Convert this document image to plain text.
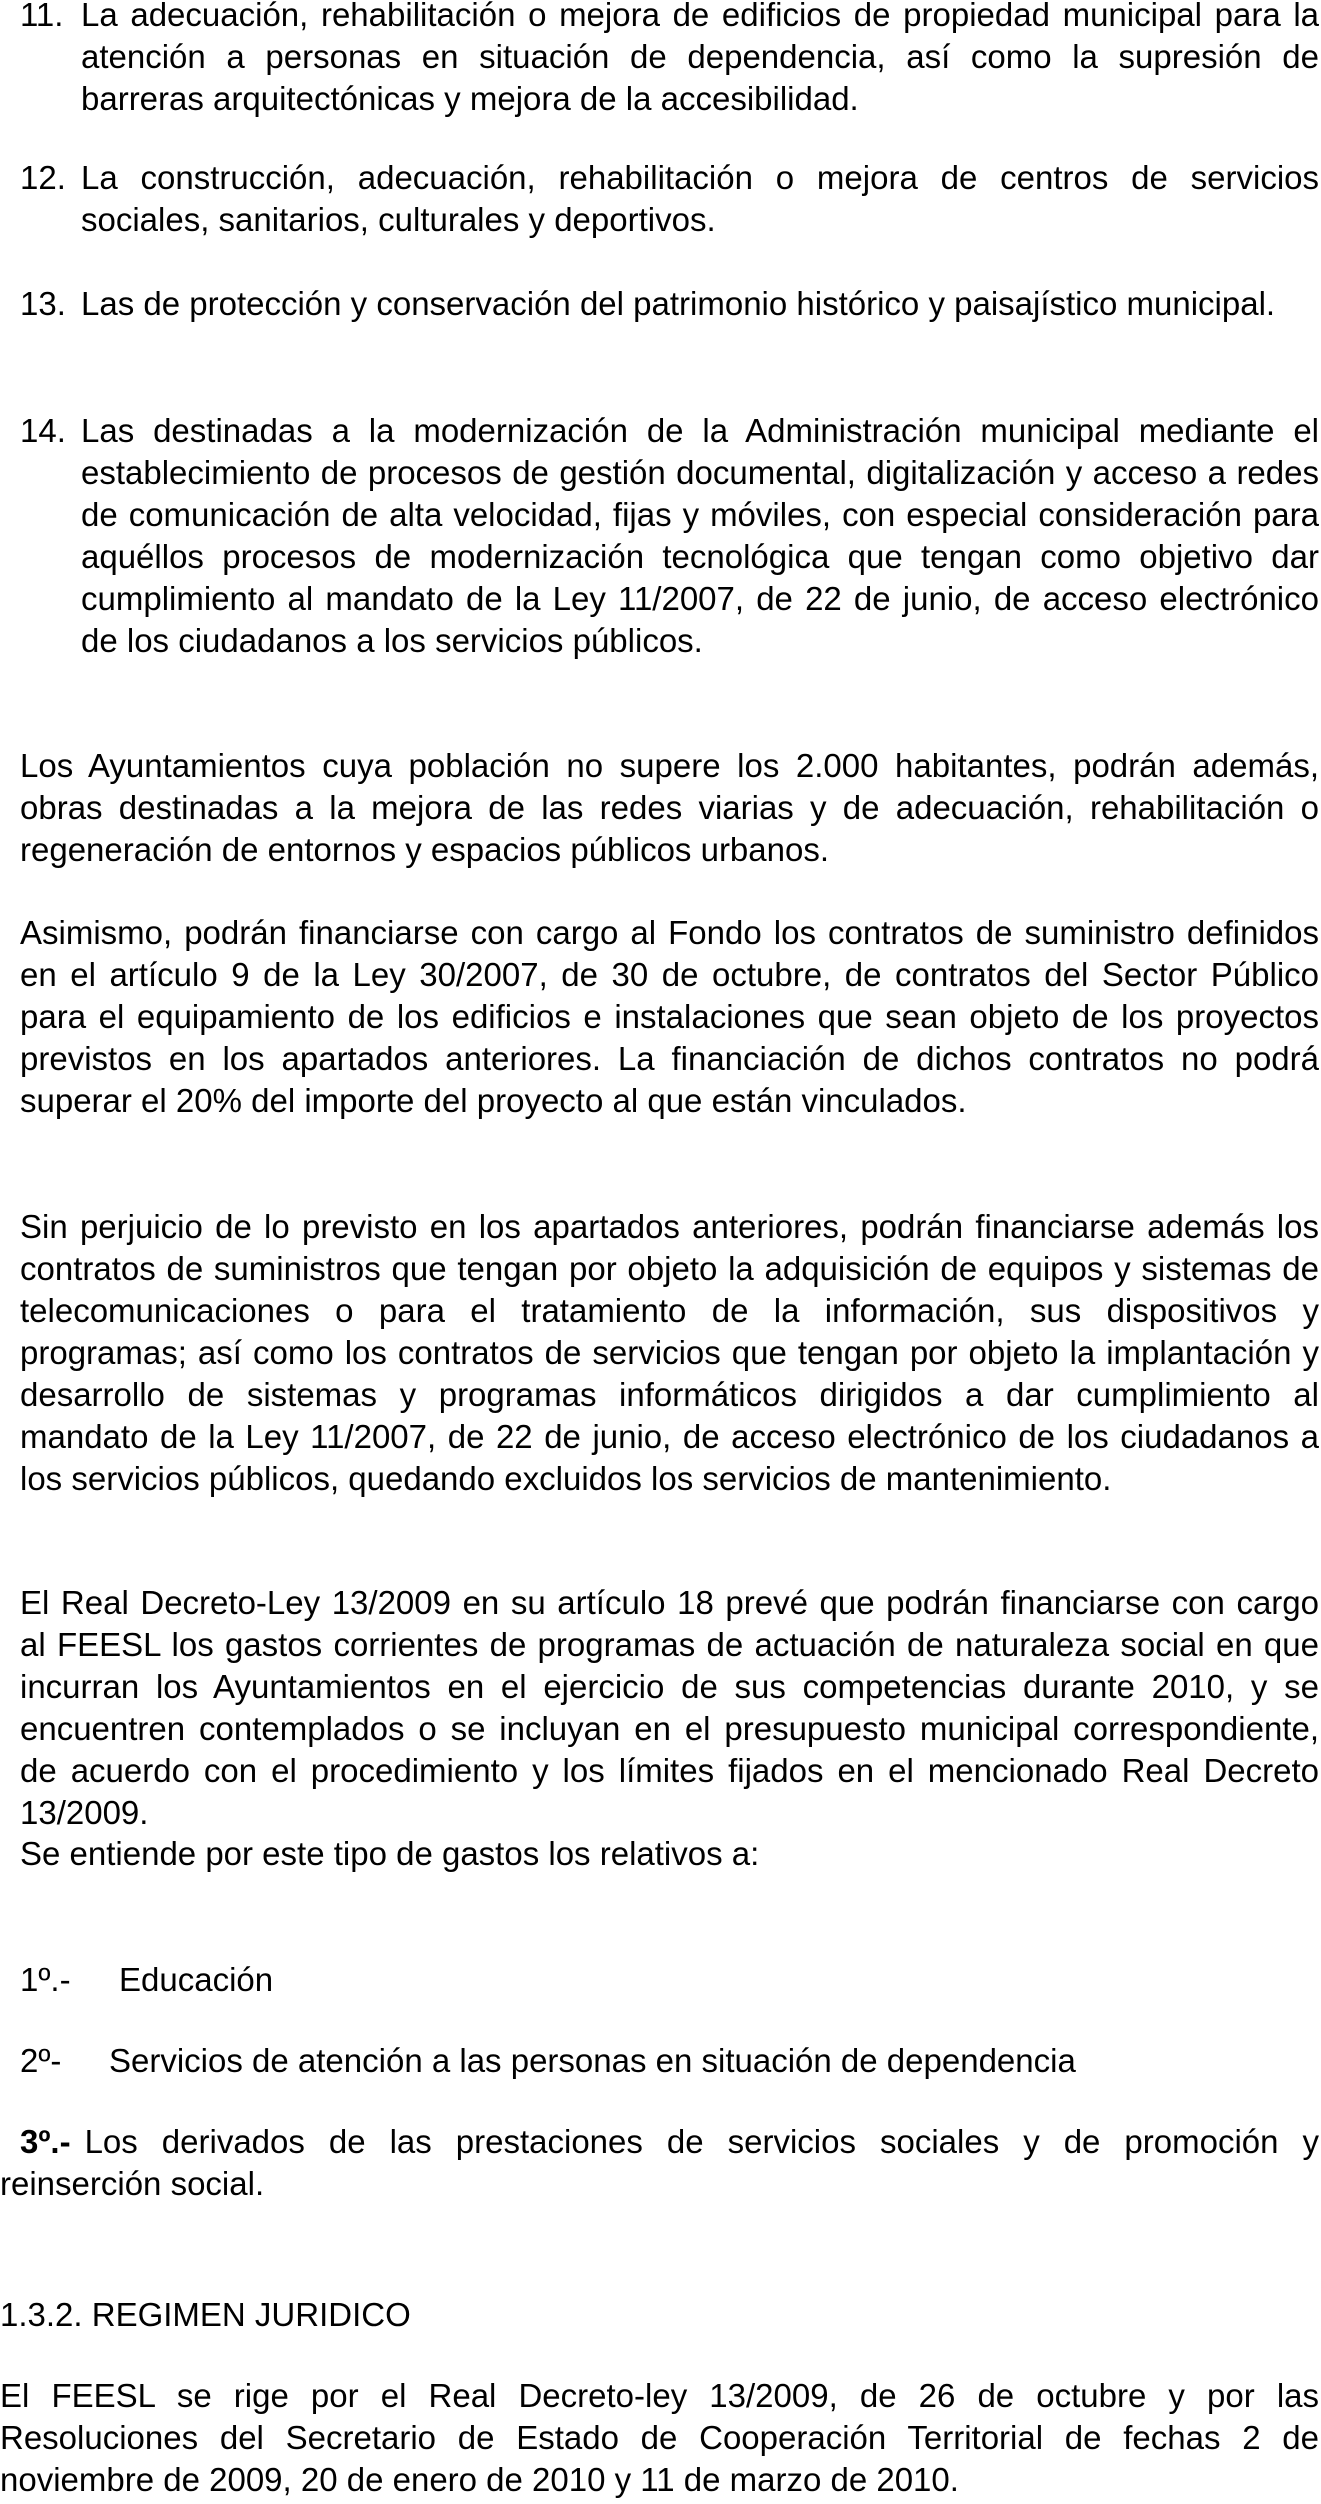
11. La adecuación, rehabilitación o mejora de edificios de propiedad municipal para la atención a personas en situación de dependencia, así como la supresión de barreras arquitectónicas y mejora de la accesibilidad.

12. La construcción, adecuación, rehabilitación o mejora de centros de servicios sociales, sanitarios, culturales y deportivos.

13. Las de protección y conservación del patrimonio histórico y paisajístico municipal.

14. Las destinadas a la modernización de la Administración municipal mediante el establecimiento de procesos de gestión documental, digitalización y acceso a redes de comunicación de alta velocidad, fijas y móviles, con especial consideración para aquéllos procesos de modernización tecnológica que tengan como objetivo dar cumplimiento al mandato de la Ley 11/2007, de 22 de junio, de acceso electrónico de los ciudadanos a los servicios públicos.

Los Ayuntamientos cuya población no supere los 2.000 habitantes, podrán además, obras destinadas a la mejora de las redes viarias y de adecuación, rehabilitación o regeneración de entornos y espacios públicos urbanos.

Asimismo, podrán financiarse con cargo al Fondo los contratos de suministro definidos en el artículo 9 de la Ley 30/2007, de 30 de octubre, de contratos del Sector Público para el equipamiento de los edificios e instalaciones que sean objeto de los proyectos previstos en los apartados anteriores. La financiación de dichos contratos no podrá superar el 20% del importe del proyecto al que están vinculados.

Sin perjuicio de lo previsto en los apartados anteriores, podrán financiarse además los contratos de suministros que tengan por objeto la adquisición de equipos y sistemas de telecomunicaciones o para el tratamiento de la información, sus dispositivos y programas; así como los contratos de servicios que tengan por objeto la implantación y desarrollo de sistemas y programas informáticos dirigidos a dar cumplimiento al mandato de la Ley 11/2007, de 22 de junio, de acceso electrónico de los ciudadanos a los servicios públicos, quedando excluidos los servicios de mantenimiento.

El Real Decreto-Ley 13/2009 en su artículo 18 prevé que podrán financiarse con cargo al FEESL los gastos corrientes de programas de actuación de naturaleza social en que incurran los Ayuntamientos en el ejercicio de sus competencias durante 2010, y se encuentren contemplados o se incluyan en el presupuesto municipal correspondiente, de acuerdo con el procedimiento y los límites fijados en el mencionado Real Decreto 13/2009.

Se entiende por este tipo de gastos los relativos a:

1º.- Educación
2º- Servicios de atención a las personas en situación de dependencia

3º.- Los derivados de las prestaciones de servicios sociales y de promoción y reinserción social.

1.3.2. REGIMEN JURIDICO

El FEESL se rige por el Real Decreto-ley 13/2009, de 26 de octubre y por las Resoluciones del Secretario de Estado de Cooperación Territorial de fechas 2 de noviembre de 2009, 20 de enero de 2010 y 11 de marzo de 2010.
